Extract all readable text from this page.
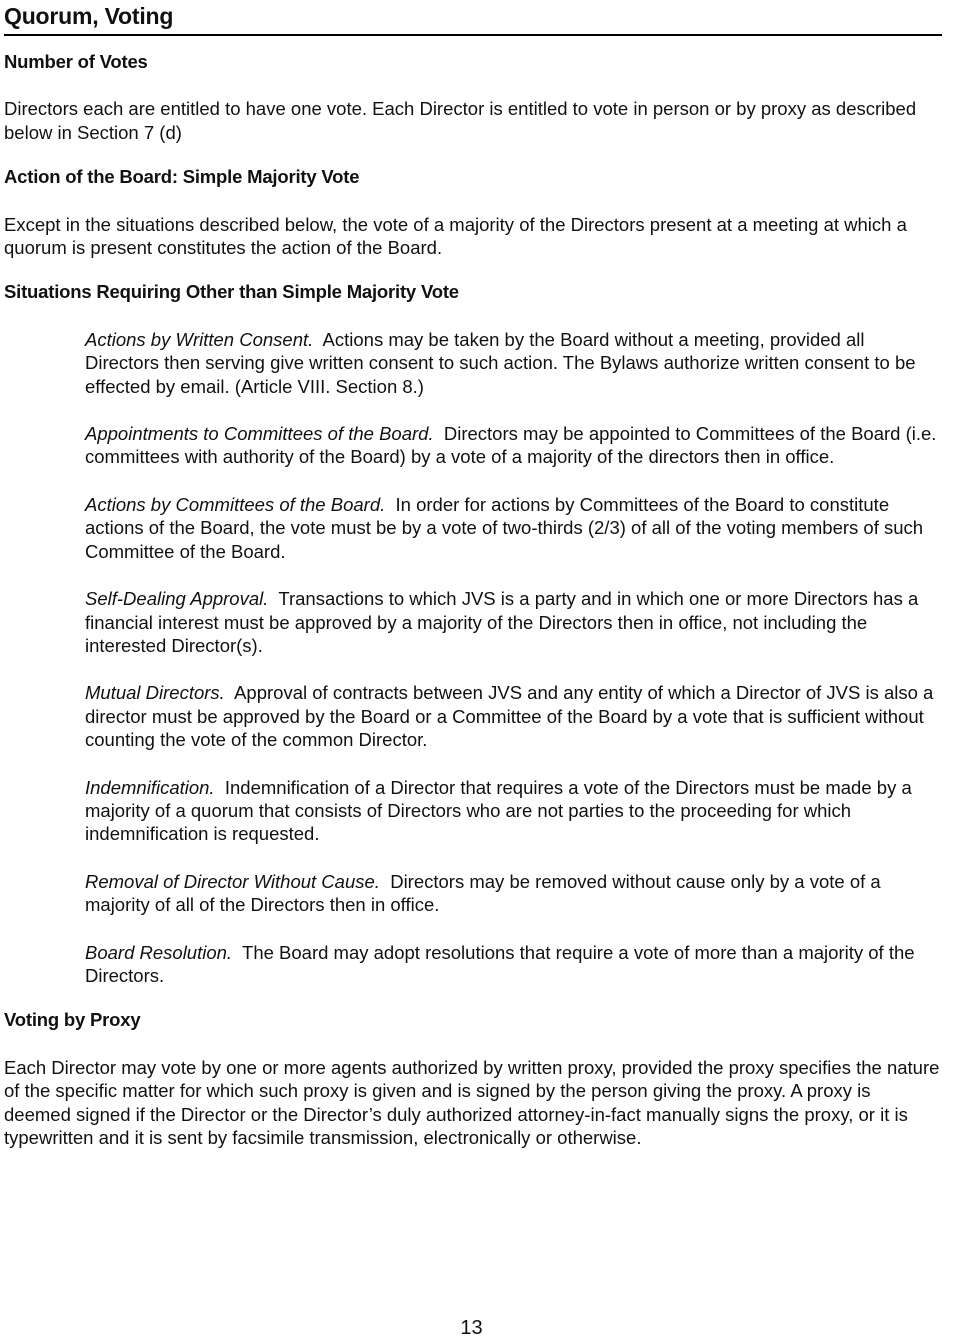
Quorum, Voting
Number of Votes

Directors each are entitled to have one vote. Each Director is entitled to vote in person or by proxy as described below in Section 7 (d)

Action of the Board: Simple Majority Vote

Except in the situations described below, the vote of a majority of the Directors present at a meeting at which a quorum is present constitutes the action of the Board.

Situations Requiring Other than Simple Majority Vote

Actions by Written Consent. Actions may be taken by the Board without a meeting, provided all Directors then serving give written consent to such action. The Bylaws authorize written consent to be effected by email. (Article VIII. Section 8.)

Appointments to Committees of the Board. Directors may be appointed to Committees of the Board (i.e. committees with authority of the Board) by a vote of a majority of the directors then in office.

Actions by Committees of the Board. In order for actions by Committees of the Board to constitute actions of the Board, the vote must be by a vote of two-thirds (2/3) of all of the voting members of such Committee of the Board.

Self-Dealing Approval. Transactions to which JVS is a party and in which one or more Directors has a financial interest must be approved by a majority of the Directors then in office, not including the interested Director(s).

Mutual Directors. Approval of contracts between JVS and any entity of which a Director of JVS is also a director must be approved by the Board or a Committee of the Board by a vote that is sufficient without counting the vote of the common Director.

Indemnification. Indemnification of a Director that requires a vote of the Directors must be made by a majority of a quorum that consists of Directors who are not parties to the proceeding for which indemnification is requested.

Removal of Director Without Cause. Directors may be removed without cause only by a vote of a majority of all of the Directors then in office.

Board Resolution. The Board may adopt resolutions that require a vote of more than a majority of the Directors.

Voting by Proxy

Each Director may vote by one or more agents authorized by written proxy, provided the proxy specifies the nature of the specific matter for which such proxy is given and is signed by the person giving the proxy. A proxy is deemed signed if the Director or the Director’s duly authorized attorney-in-fact manually signs the proxy, or it is typewritten and it is sent by facsimile transmission, electronically or otherwise.

13
